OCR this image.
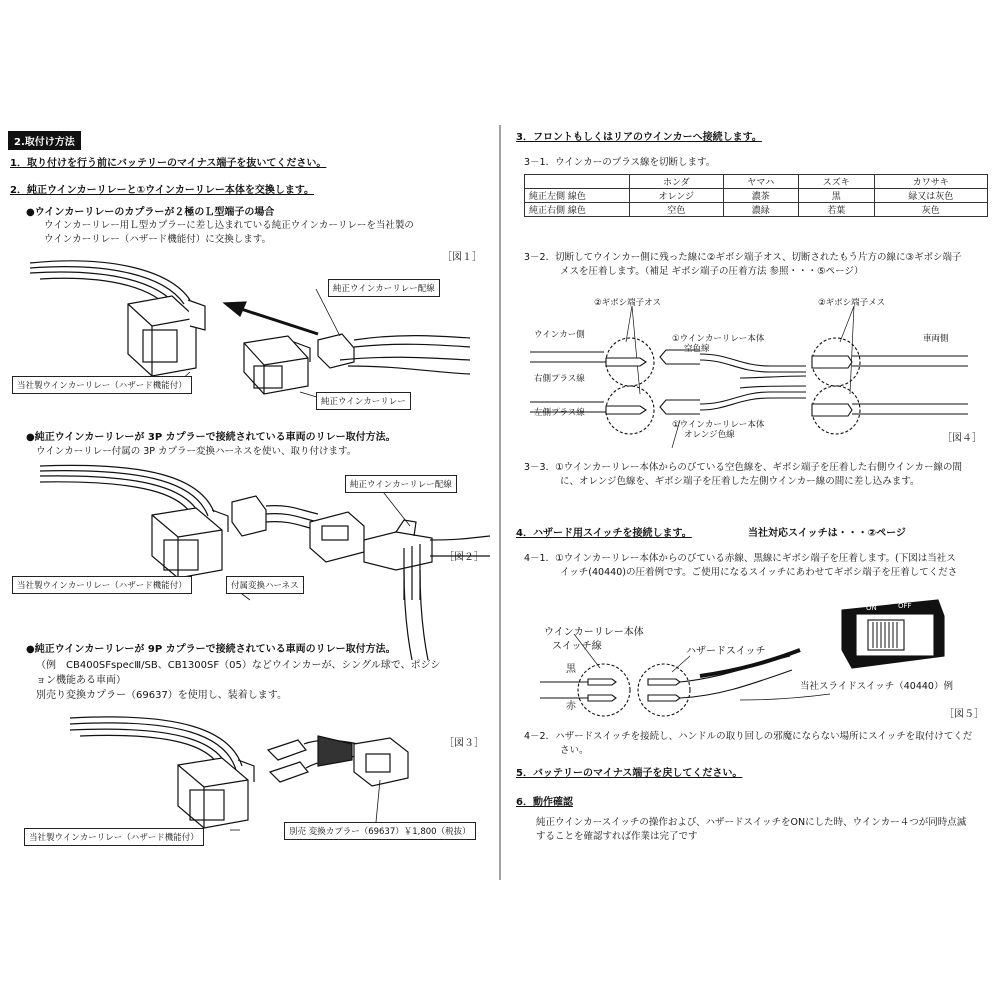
2.取付け方法
1．取り付けを行う前にバッテリーのマイナス端子を抜いてください。
2．純正ウインカーリレーと①ウインカーリレー本体を交換します。
●ウインカーリレーのカプラーが２極のＬ型端子の場合
ウインカーリレー用Ｌ型カプラーに差し込まれている純正ウインカーリレーを当社製の
ウインカーリレー（ハザード機能付）に交換します。
［図１］
純正ウインカーリレー配線
当社製ウインカーリレー（ハザード機能付）
純正ウインカーリレー
●純正ウインカーリレーが 3P カプラーで接続されている車両のリレー取付方法。
ウインカーリレー付属の 3P カプラー変換ハーネスを使い、取り付けます。
［図２］
純正ウインカーリレー配線
当社製ウインカーリレー（ハザード機能付）	付属変換ハーネス
●純正ウインカーリレーが 9P カプラーで接続されている車両のリレー取付方法。
（例　CB400SFspecⅢ/SB、CB1300SF（05）などウインカーが、シングル球で、ポジシ
ョン機能ある車両）
別売り変換カプラー（69637）を使用し、装着します。
［図３］
当社製ウインカーリレー（ハザード機能付）
別売 変換カプラー（69637）￥1,800（税抜）
3．フロントもしくはリアのウインカーへ接続します。
3－1．ウインカーのプラス線を切断します。
	ホンダ	ヤマハ	スズキ	カワサキ
純正左側 線色	オレンジ	濃茶	黒	緑又は灰色
純正右側 線色	空色	濃緑	若葉	灰色
3－2．切断してウインカー側に残った線に②ギボシ端子オス、切断されたもう片方の線に③ギボシ端子
メスを圧着します。（補足 ギボシ端子の圧着方法 参照・・・⑤ページ）
②ギボシ端子オス	②ギボシ端子メス
ウインカー側	車両側
①ウインカーリレー本体
空色線
右側プラス線
左側プラス線
①ウインカーリレー本体
オレンジ色線	［図４］
3－3．①ウインカーリレー本体からのびている空色線を、ギボシ端子を圧着した右側ウインカー線の間
に、オレンジ色線を、ギボシ端子を圧着した左側ウインカー線の間に差し込みます。
4．ハザード用スイッチを接続します。	当社対応スイッチは・・・②ページ
4－1．①ウインカーリレー本体からのびている赤線、黒線にギボシ端子を圧着します。(下図は当社ス
イッチ(40440)の圧着例です。ご使用になるスイッチにあわせてギボシ端子を圧着してくださ
ウインカーリレー本体
スイッチ線
黒
赤
ハザードスイッチ
ON	OFF
当社スライドスイッチ（40440）例
［図５］
4－2．ハザードスイッチを接続し、ハンドルの取り回しの邪魔にならない場所にスイッチを取付けてくだ
さい。
5．バッテリーのマイナス端子を戻してください。
6．動作確認
純正ウインカースイッチの操作および、ハザードスイッチをONにした時、ウインカー４つが同時点滅
することを確認すれば作業は完了です
